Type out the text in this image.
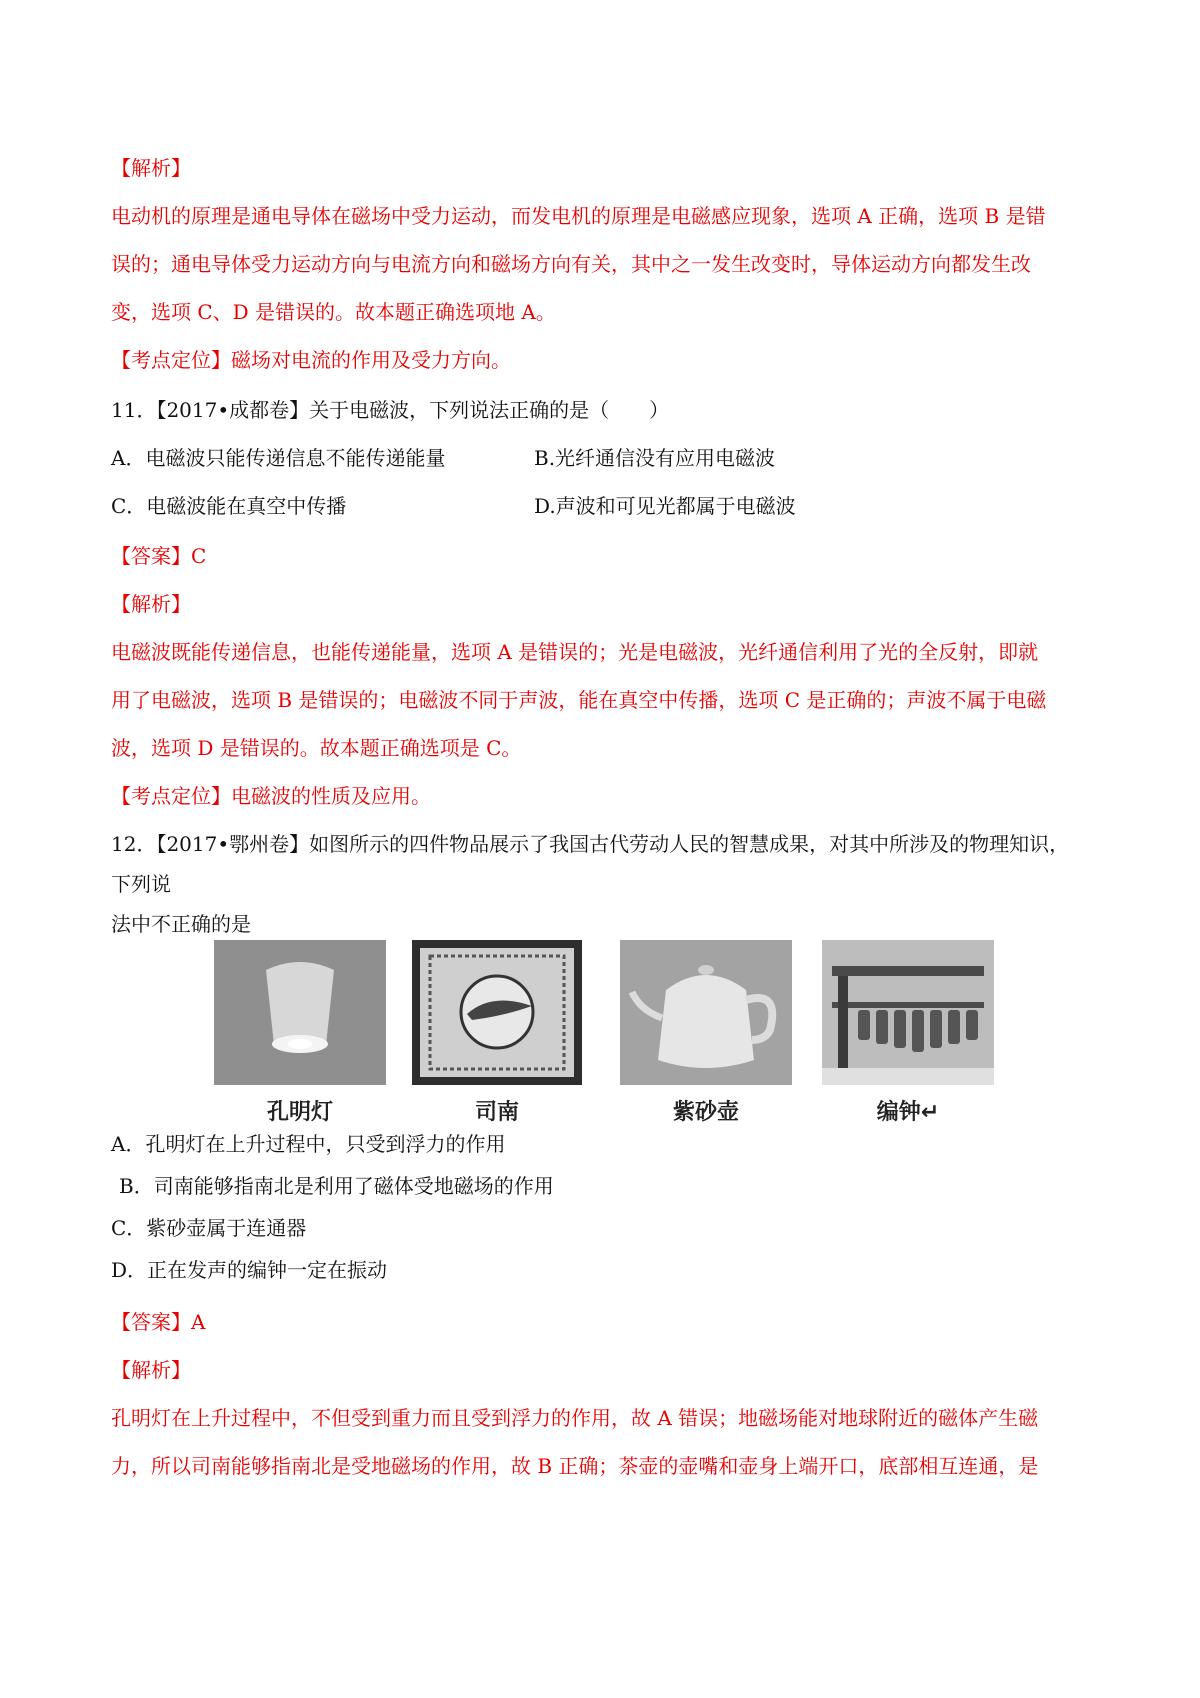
【解析】
电动机的原理是通电导体在磁场中受力运动，而发电机的原理是电磁感应现象，选项 A 正确，选项 B 是错
误的；通电导体受力运动方向与电流方向和磁场方向有关，其中之一发生改变时，导体运动方向都发生改
变，选项 C、D 是错误的。故本题正确选项地 A。
【考点定位】磁场对电流的作用及受力方向。
11．【2017•成都卷】关于电磁波，下列说法正确的是（　　）
A．电磁波只能传递信息不能传递能量	B.光纤通信没有应用电磁波
C．电磁波能在真空中传播	D.声波和可见光都属于电磁波
【答案】C
【解析】
电磁波既能传递信息，也能传递能量，选项 A 是错误的；光是电磁波，光纤通信利用了光的全反射，即就
用了电磁波，选项 B 是错误的；电磁波不同于声波，能在真空中传播，选项 C 是正确的；声波不属于电磁
波，选项 D 是错误的。故本题正确选项是 C。
【考点定位】电磁波的性质及应用。
12．【2017•鄂州卷】如图所示的四件物品展示了我国古代劳动人民的智慧成果，对其中所涉及的物理知识，
下列说
法中不正确的是
孔明灯	司南	紫砂壶	编钟↵
A．孔明灯在上升过程中，只受到浮力的作用
B．司南能够指南北是利用了磁体受地磁场的作用
C．紫砂壶属于连通器
D．正在发声的编钟一定在振动
【答案】A
【解析】
孔明灯在上升过程中，不但受到重力而且受到浮力的作用，故 A 错误；地磁场能对地球附近的磁体产生磁
力，所以司南能够指南北是受地磁场的作用，故 B 正确；茶壶的壶嘴和壶身上端开口，底部相互连通，是
